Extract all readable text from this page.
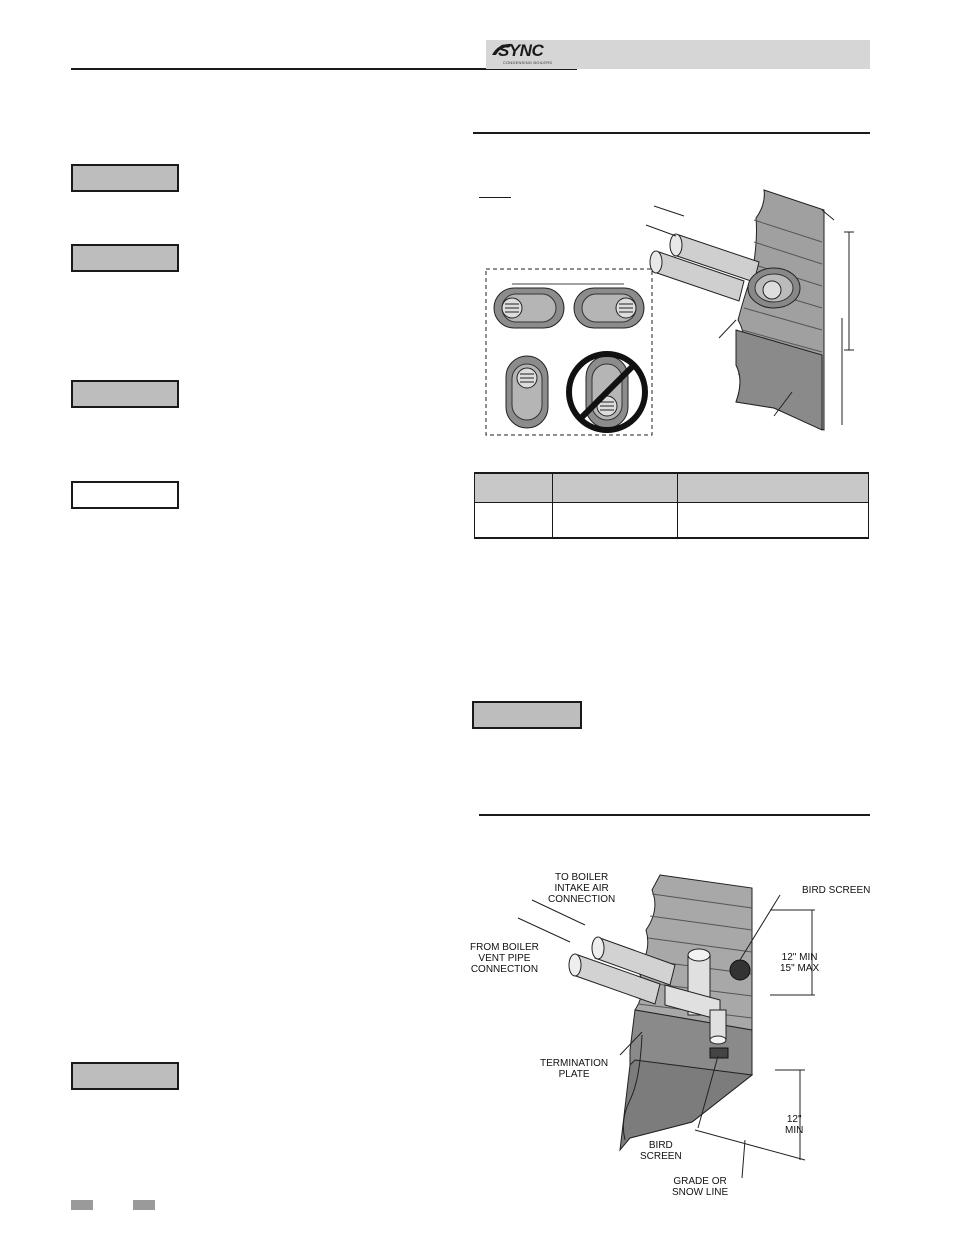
SYNC
CONDENSING BOILERS

TO BOILER
INTAKE AIR
CONNECTION
FROM BOILER
VENT PIPE
CONNECTION
BIRD SCREEN
12" MIN
15" MAX
TERMINATION
PLATE
BIRD
SCREEN
12"
MIN
GRADE OR
SNOW LINE
